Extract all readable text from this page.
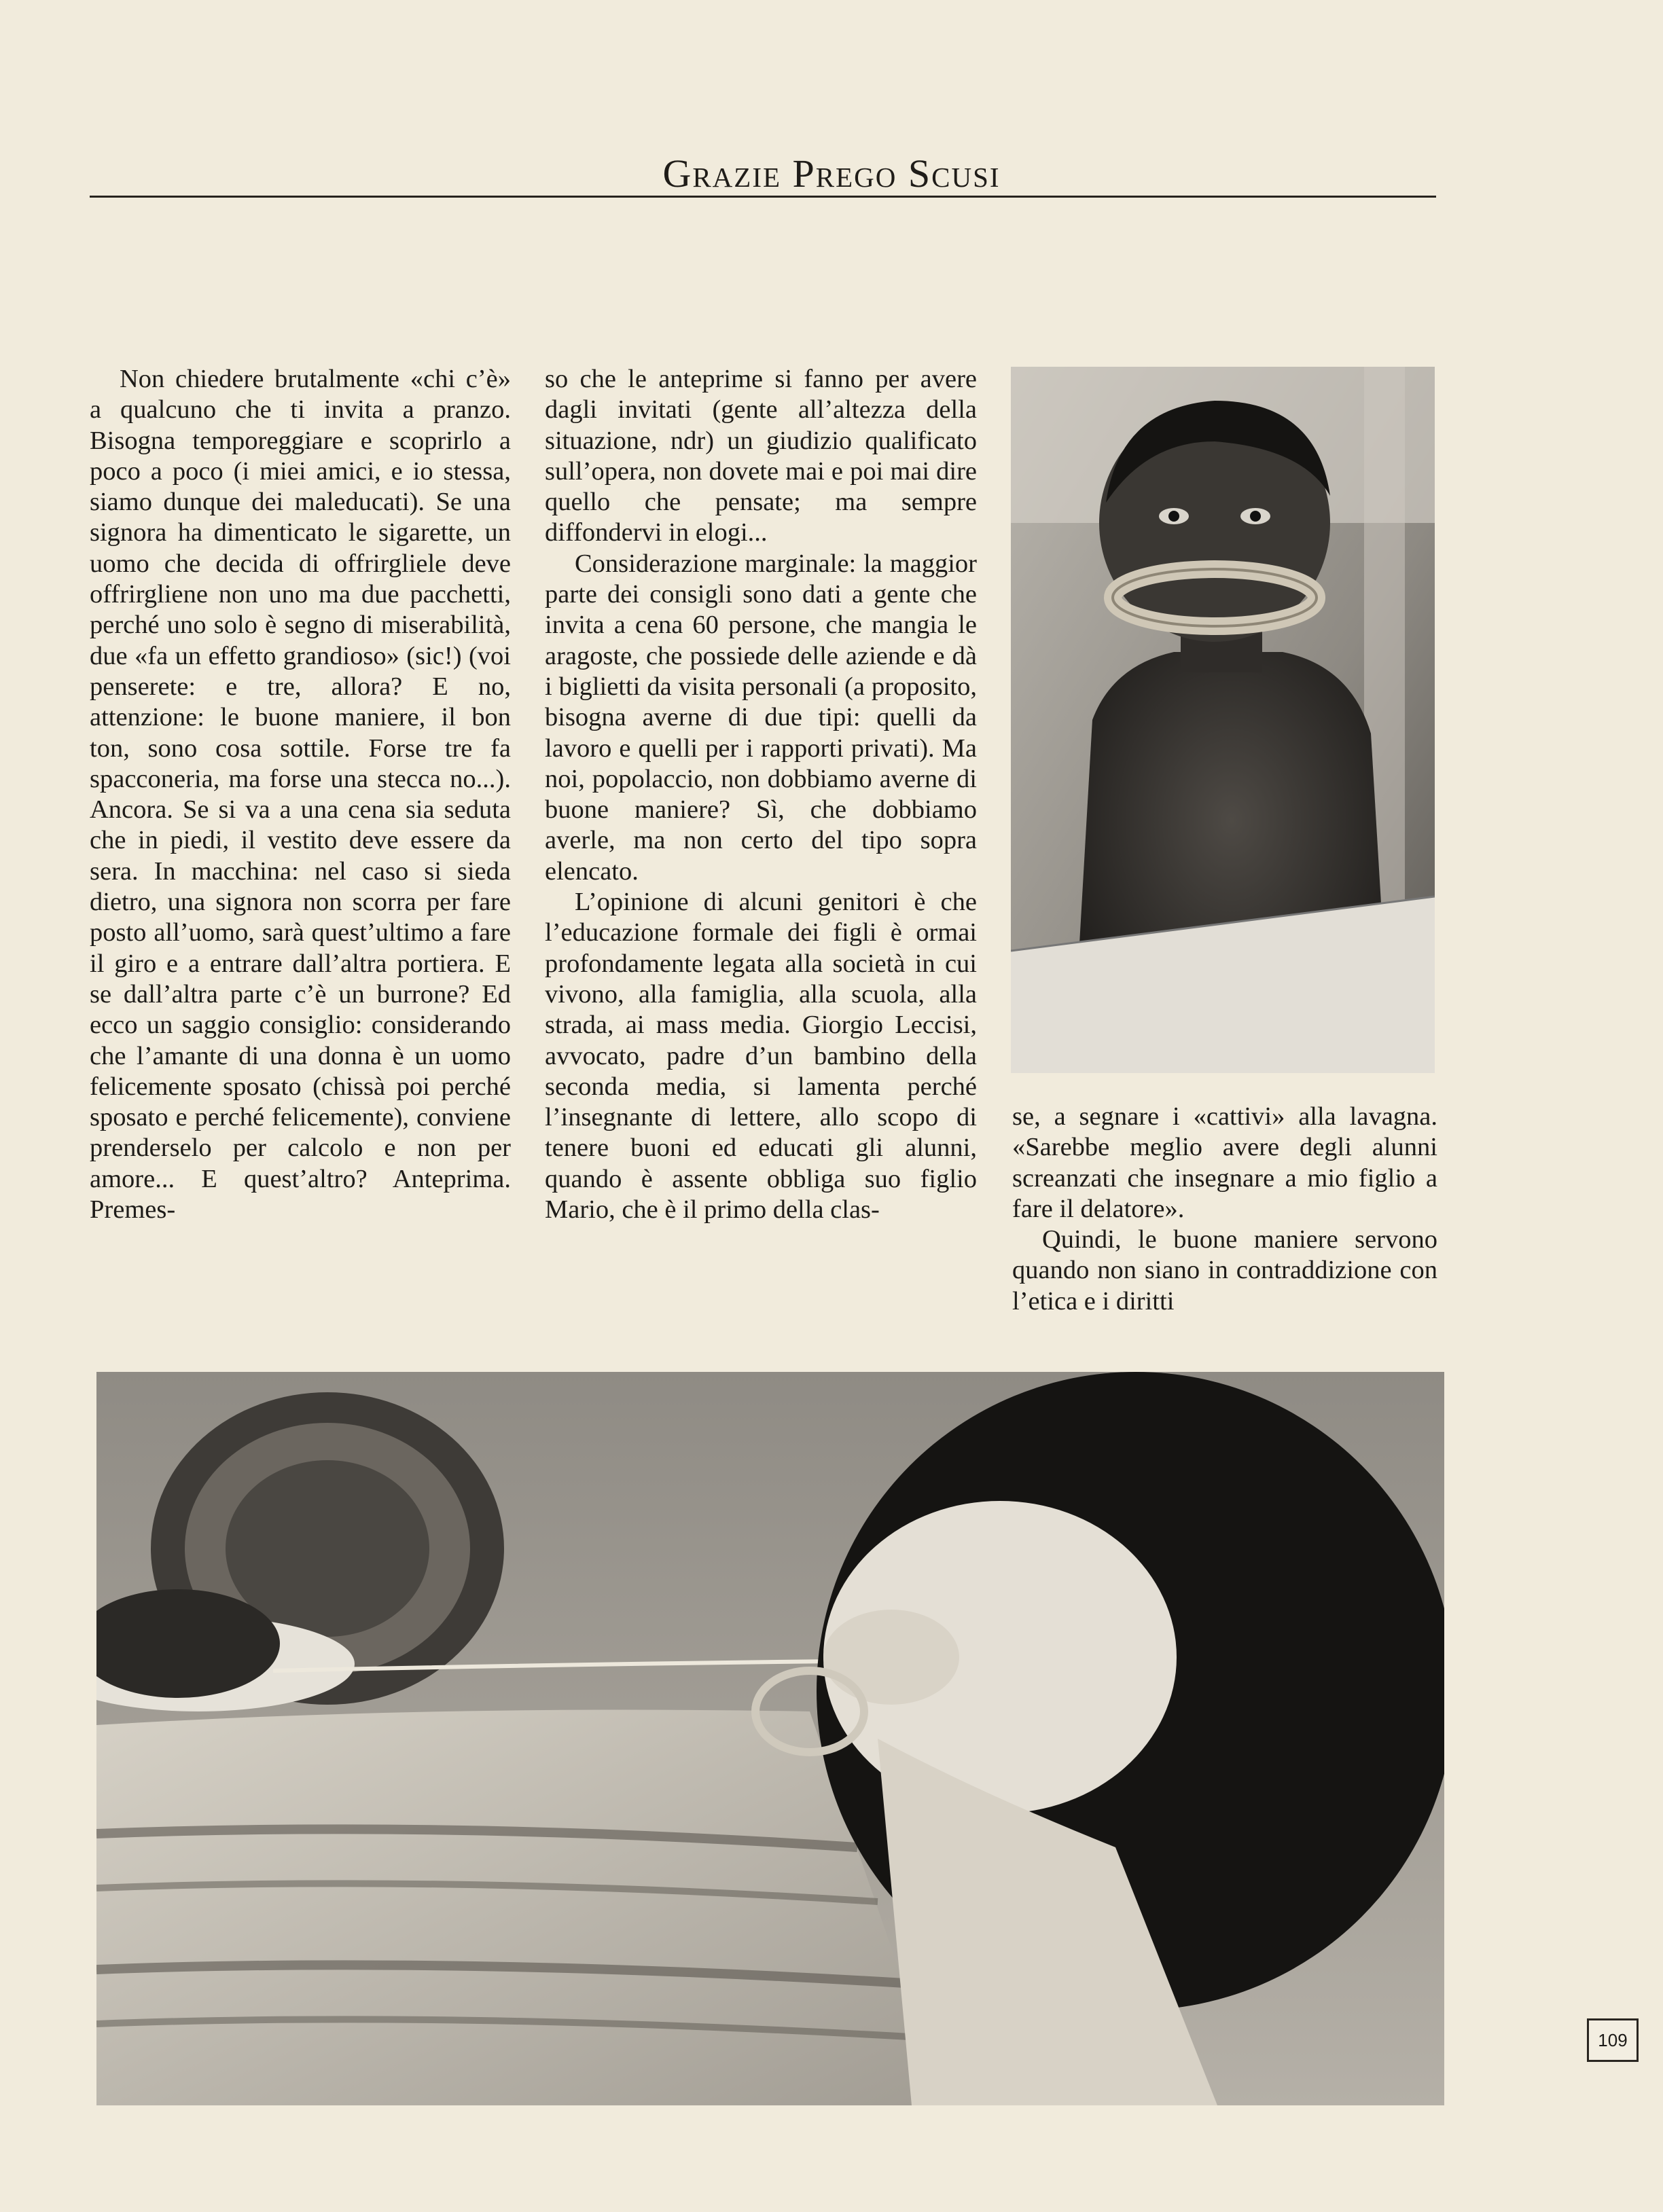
Grazie Prego Scusi

Non chiedere brutalmente «chi c’è» a qualcuno che ti invita a pranzo. Bisogna temporeggiare e scoprirlo a poco a poco (i miei amici, e io stessa, siamo dunque dei maleducati). Se una signora ha dimenticato le sigarette, un uomo che decida di offrirgliele deve offrirgliene non uno ma due pacchetti, perché uno solo è segno di miserabilità, due «fa un effetto grandioso» (sic!) (voi penserete: e tre, allora? E no, attenzione: le buone maniere, il bon ton, sono cosa sottile. Forse tre fa spacconeria, ma forse una stecca no...). Ancora. Se si va a una cena sia seduta che in piedi, il vestito deve essere da sera. In macchina: nel caso si sieda dietro, una signora non scorra per fare posto all’uomo, sarà quest’ultimo a fare il giro e a entrare dall’altra portiera. E se dall’altra parte c’è un burrone? Ed ecco un saggio consiglio: considerando che l’amante di una donna è un uomo felicemente sposato (chissà poi perché sposato e perché felicemente), conviene prenderselo per calcolo e non per amore... E quest’altro? Anteprima. Premes-

so che le anteprime si fanno per avere dagli invitati (gente all’altezza della situazione, ndr) un giudizio qualificato sull’opera, non dovete mai e poi mai dire quello che pensate; ma sempre diffondervi in elogi...

Considerazione marginale: la maggior parte dei consigli sono dati a gente che invita a cena 60 persone, che mangia le aragoste, che possiede delle aziende e dà i biglietti da visita personali (a proposito, bisogna averne di due tipi: quelli da lavoro e quelli per i rapporti privati). Ma noi, popolaccio, non dobbiamo averne di buone maniere? Sì, che dobbiamo averle, ma non certo del tipo sopra elencato.

L’opinione di alcuni genitori è che l’educazione formale dei figli è ormai profondamente legata alla società in cui vivono, alla famiglia, alla scuola, alla strada, ai mass media. Giorgio Leccisi, avvocato, padre d’un bambino della seconda media, si lamenta perché l’insegnante di lettere, allo scopo di tenere buoni ed educati gli alunni, quando è assente obbliga suo figlio Mario, che è il primo della clas-

se, a segnare i «cattivi» alla lavagna. «Sarebbe meglio avere degli alunni screanzati che insegnare a mio figlio a fare il delatore».

Quindi, le buone maniere servono quando non siano in contraddizione con l’etica e i diritti

109
